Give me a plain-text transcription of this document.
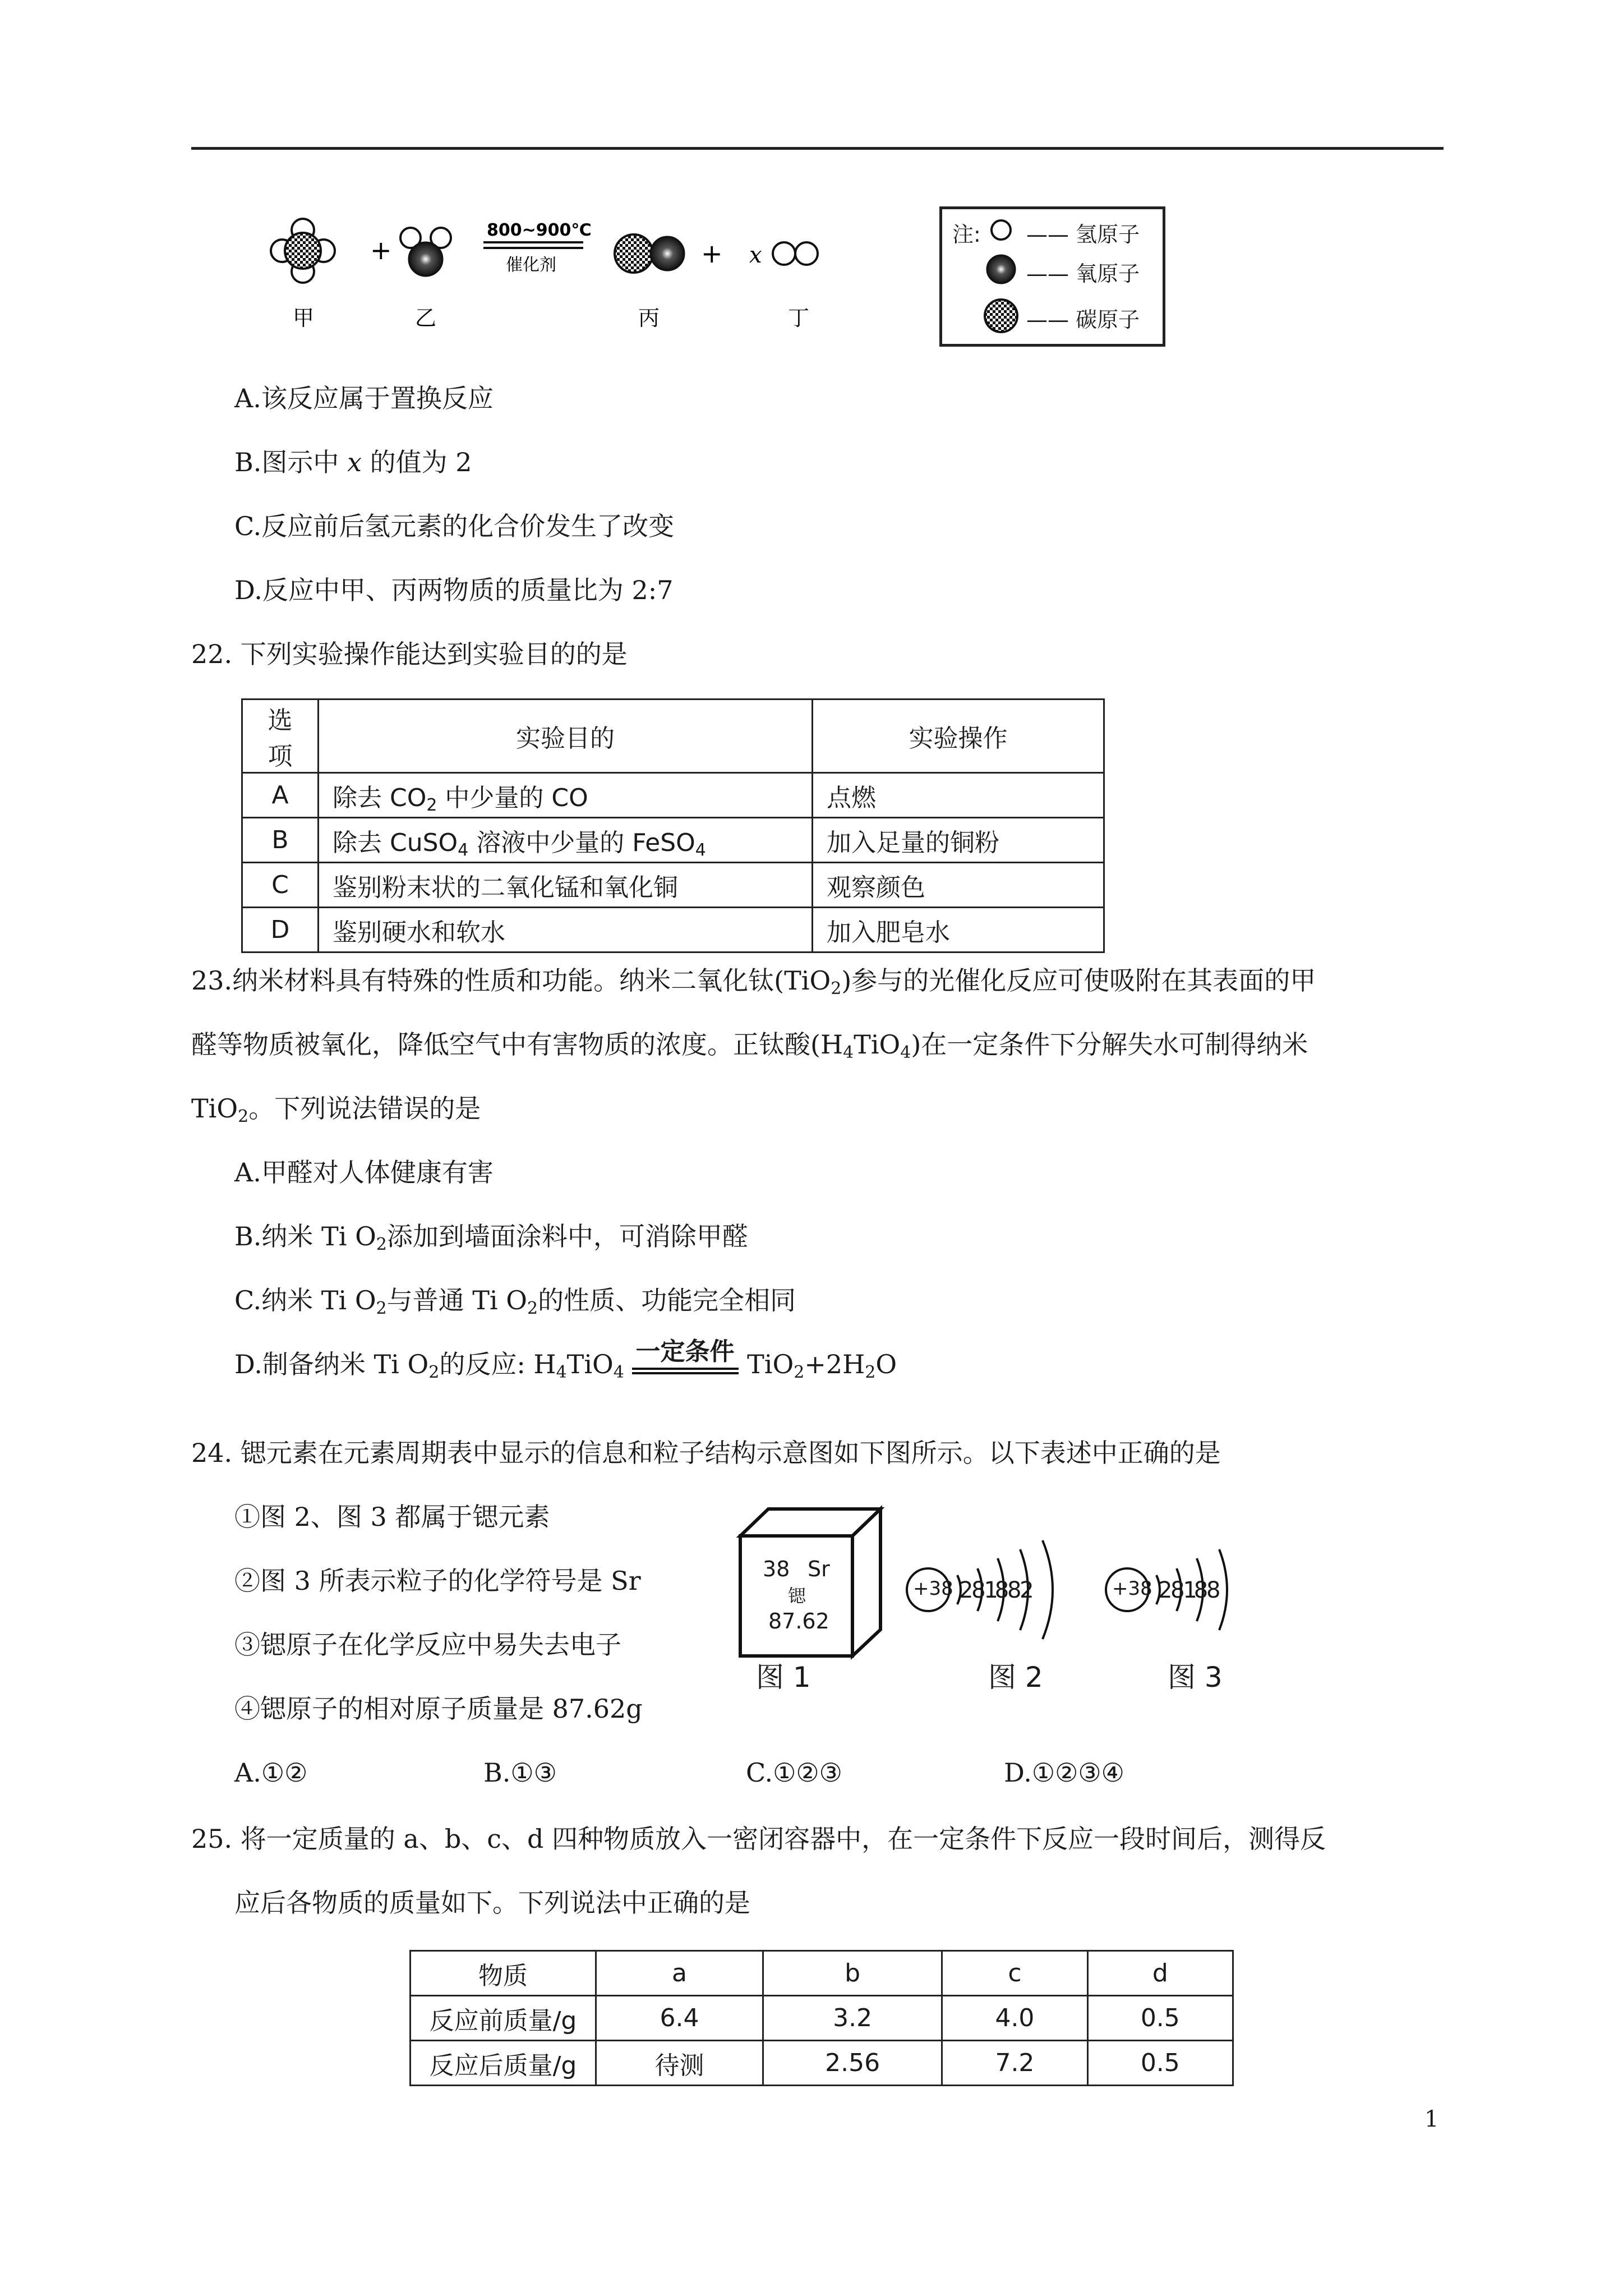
+
800~900℃
催化剂	+ x
甲	乙	丙	丁
注: —— 氢原子
—— 氧原子
—— 碳原子
A.该反应属于置换反应
B.图示中 x 的值为 2
C.反应前后氢元素的化合价发生了改变
D.反应中甲、丙两物质的质量比为 2:7
22. 下列实验操作能达到实验目的的是
选项	实验目的	实验操作
A	除去 $CO_2$ 中少量的 CO	点燃
B	除去 CuSO$_4$ 溶液中少量的 FeSO$_4$	加入足量的铜粉
C	鉴别粉末状的二氧化锰和氧化铜	观察颜色
D	鉴别硬水和软水	加入肥皂水
23.纳米材料具有特殊的性质和功能。纳米二氧化钛(TiO$_2$)参与的光催化反应可使吸附在其表面的甲
醛等物质被氧化，降低空气中有害物质的浓度。正钛酸$(H_4TiO_4)$在一定条件下分解失水可制得纳米
TiO$_2$。下列说法错误的是
A.甲醛对人体健康有害
B.纳米 Ti $O_2$添加到墙面涂料中，可消除甲醛
C.纳米 Ti $O_2$与普通 Ti $O_2$的性质、功能完全相同
D.制备纳米 Ti $O_2$的反应: $H_4TiO_4$
一定条件 $TiO_2+2H_2O$
24. 锶元素在元素周期表中显示的信息和粒子结构示意图如下图所示。以下表述中正确的是
①图 2、图 3 都属于锶元素
②图 3 所表示粒子的化学符号是 Sr
③锶原子在化学反应中易失去电子
④锶原子的相对原子质量是 87.62g
38 Sr
锶
87.62
+38 2 8 18 8 2	+38 2 8 18 8
图 1	图 2	图 3
A.①②	B.①③	C.①②③	D.①②③④
25. 将一定质量的 a、b、c、d 四种物质放入一密闭容器中，在一定条件下反应一段时间后，测得反
应后各物质的质量如下。下列说法中正确的是
物质	a	b	c	d
反应前质量/g	6.4	3.2	4.0	0.5
反应后质量/g	待测	2.56	7.2	0.5
1
